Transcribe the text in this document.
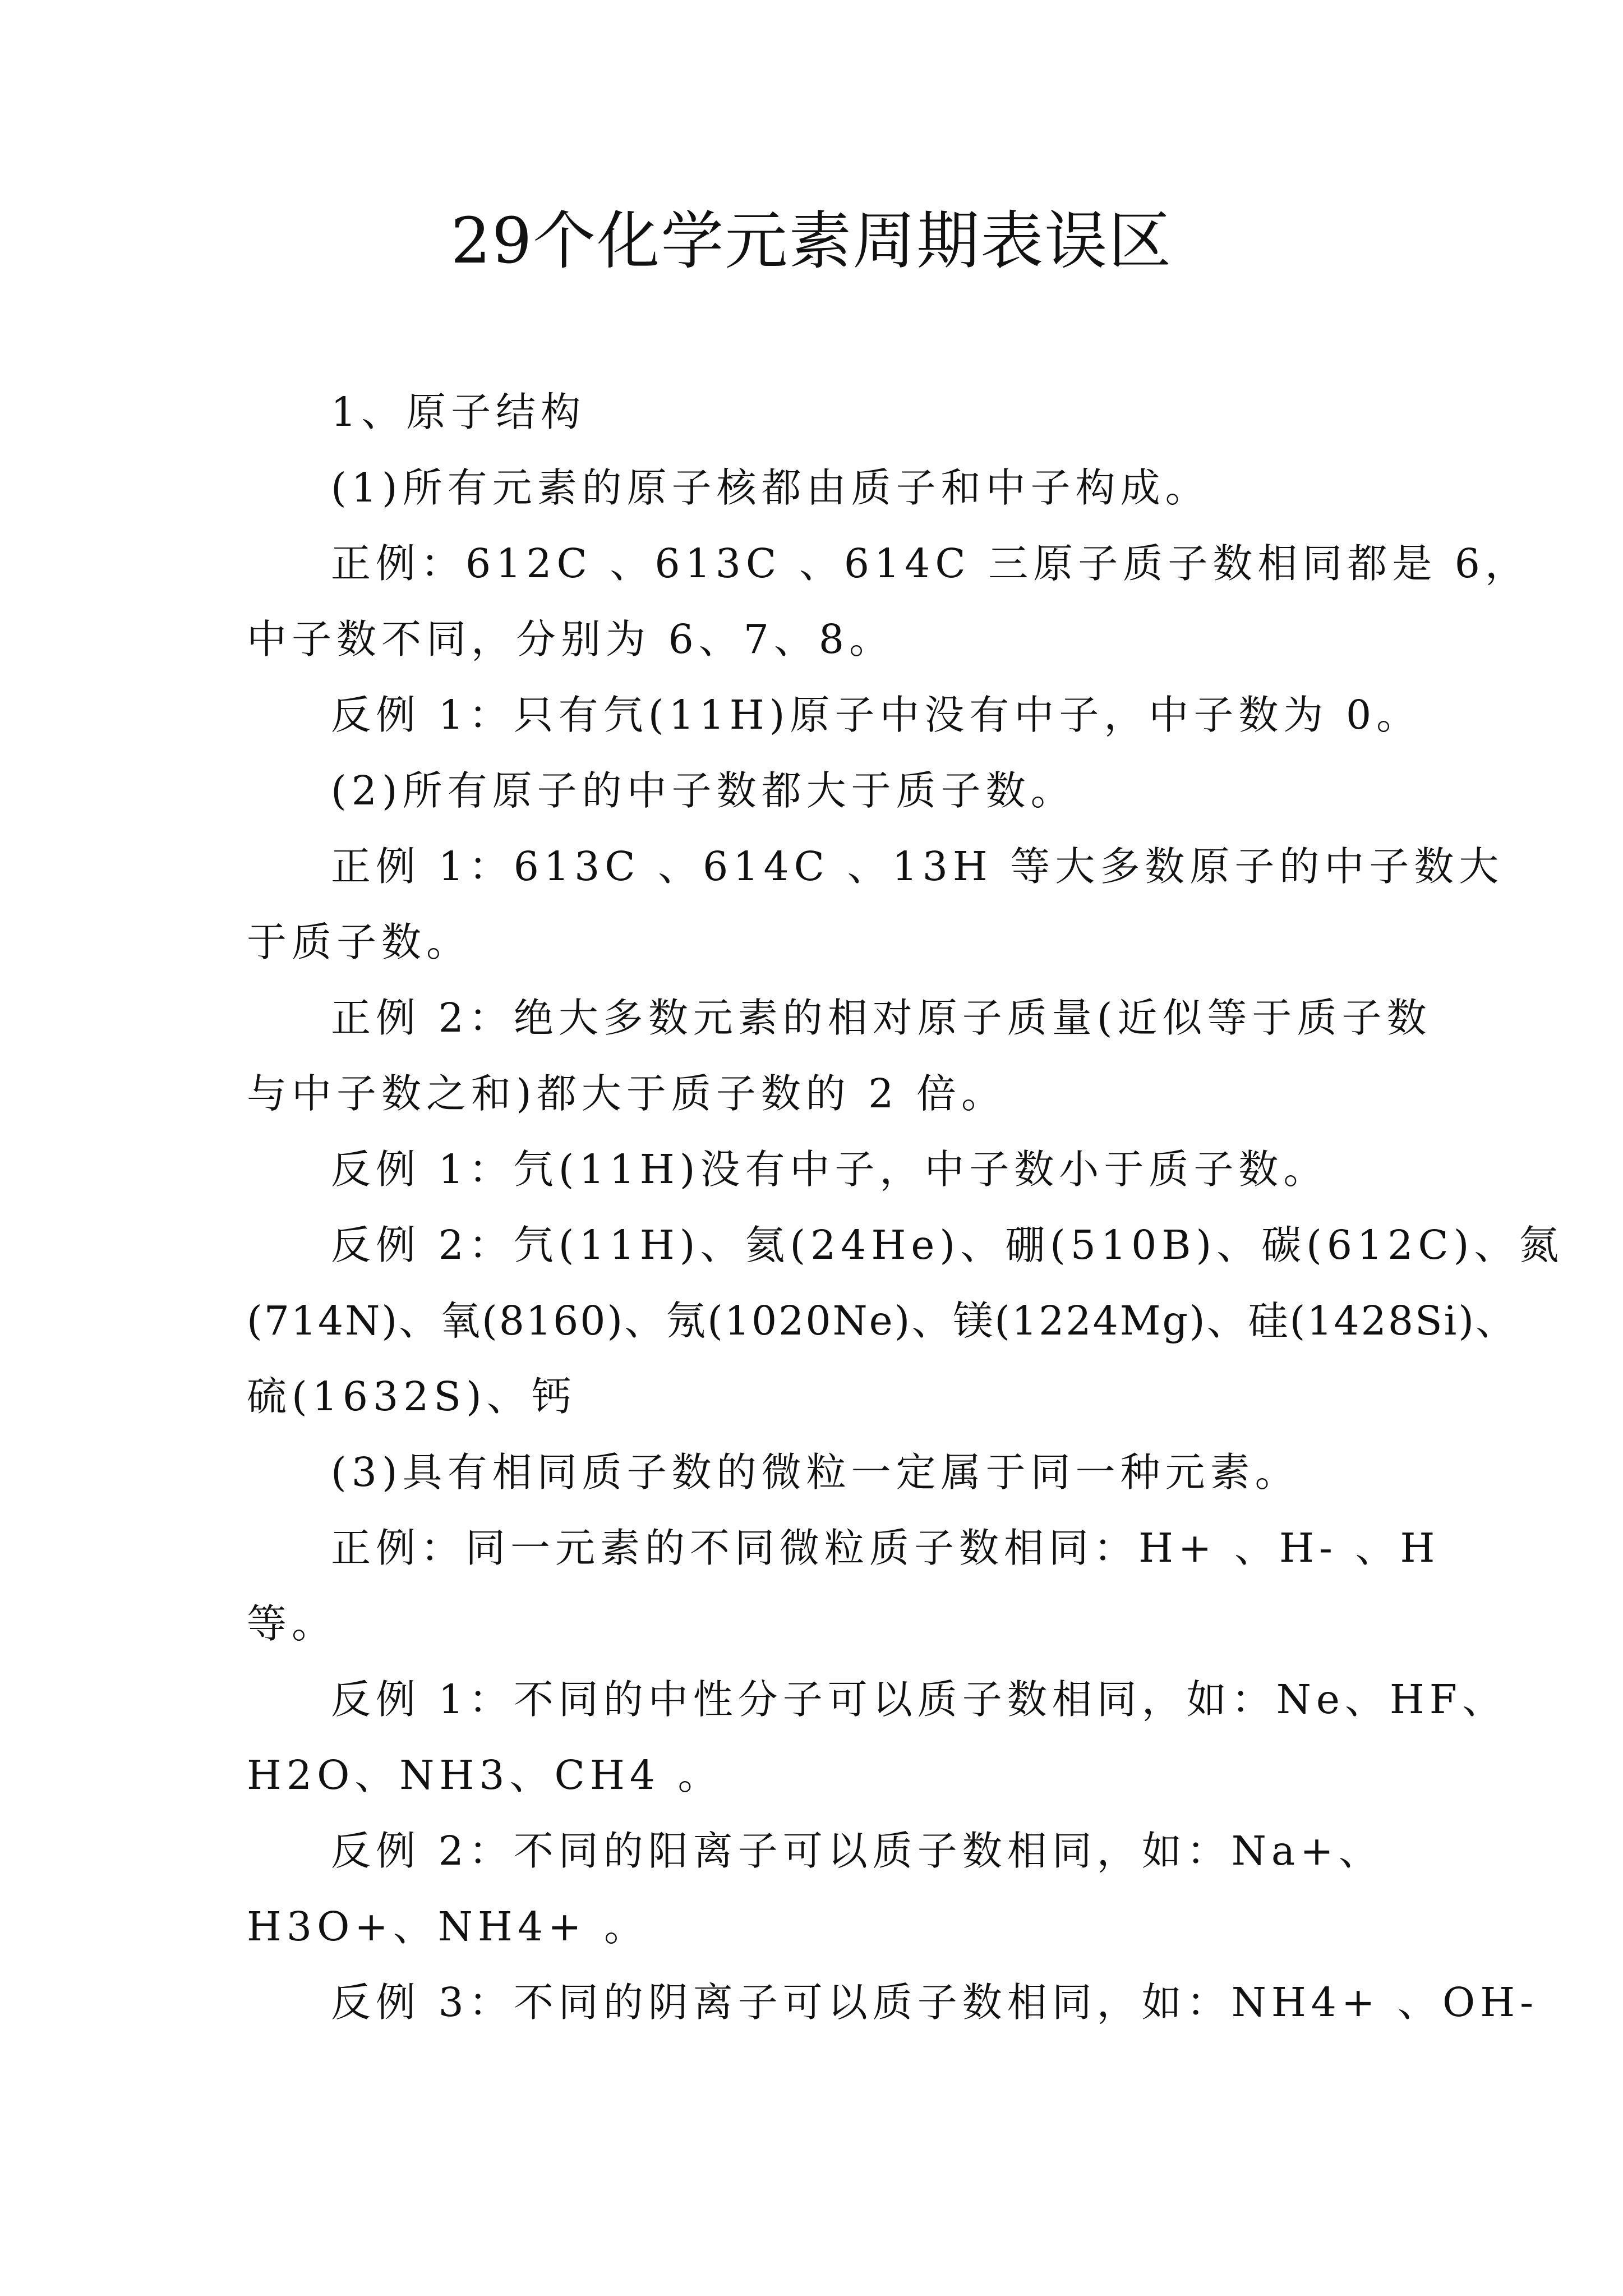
29个化学元素周期表误区
1、原子结构
(1)所有元素的原子核都由质子和中子构成。
正例：612C 、613C 、614C 三原子质子数相同都是 6，
中子数不同，分别为 6、7、8。
反例 1：只有氕(11H)原子中没有中子，中子数为 0。
(2)所有原子的中子数都大于质子数。
正例 1：613C 、614C 、13H 等大多数原子的中子数大
于质子数。
正例 2：绝大多数元素的相对原子质量(近似等于质子数
与中子数之和)都大于质子数的 2 倍。
反例 1：氕(11H)没有中子，中子数小于质子数。
反例 2：氕(11H)、氦(24He)、硼(510B)、碳(612C)、氮
(714N)、氧(8160)、氖(1020Ne)、镁(1224Mg)、硅(1428Si)、
硫(1632S)、钙
(3)具有相同质子数的微粒一定属于同一种元素。
正例：同一元素的不同微粒质子数相同：H+ 、H- 、H
等。
反例 1：不同的中性分子可以质子数相同，如：Ne、HF、
H2O、NH3、CH4 。
反例 2：不同的阳离子可以质子数相同，如：Na+、
H3O+、NH4+ 。
反例 3：不同的阴离子可以质子数相同，如：NH4+ 、OH-
